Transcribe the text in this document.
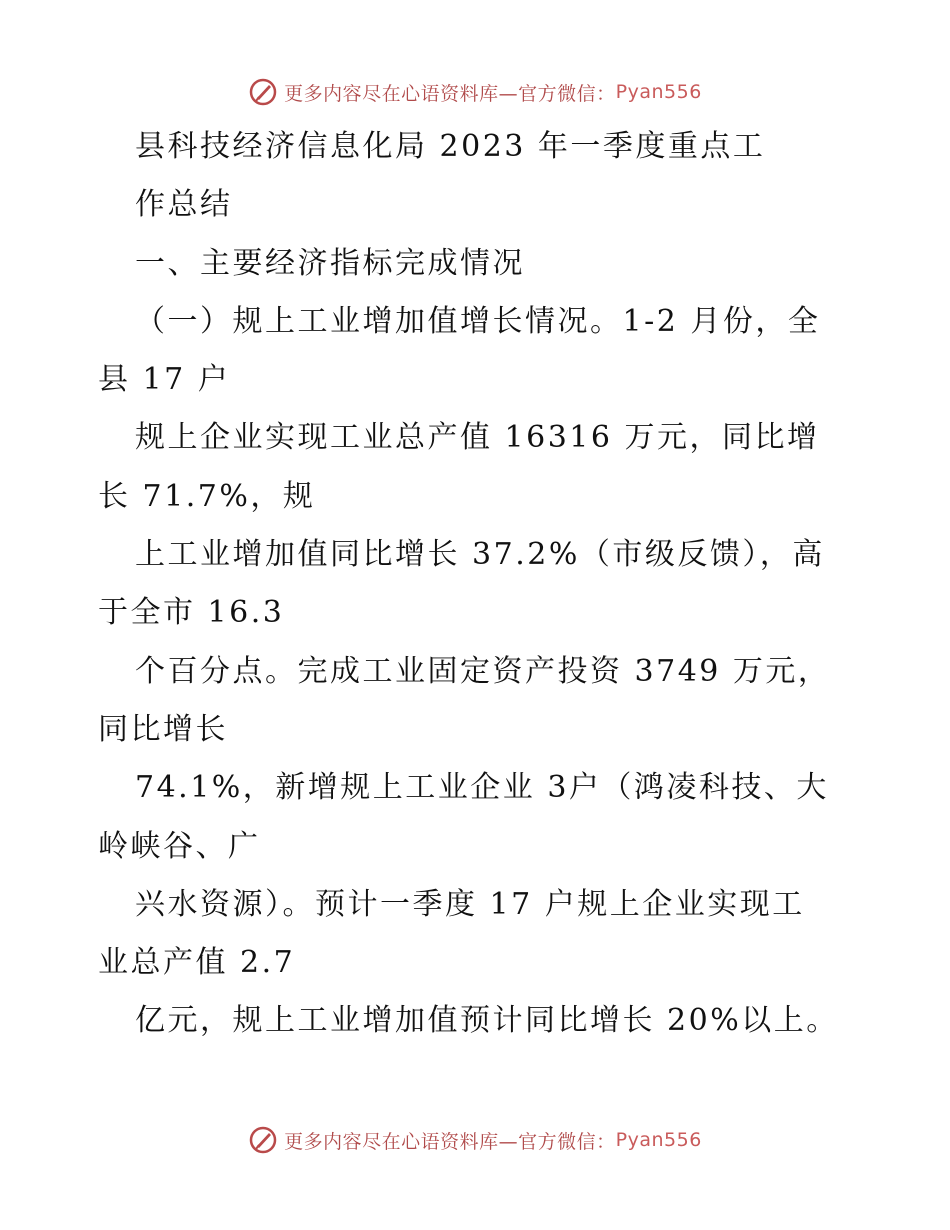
更多内容尽在心语资料库—官方微信： Pyan556
县科技经济信息化局 2023 年一季度重点工
作总结
一、主要经济指标完成情况
（一）规上工业增加值增长情况。1-2 月份，全
县 17 户
规上企业实现工业总产值 16316 万元，同比增
长 71.7%，规
上工业增加值同比增长 37.2%（市级反馈），高
于全市 16.3
个百分点。完成工业固定资产投资 3749 万元，
同比增长
74.1%，新增规上工业企业 3户（鸿凌科技、大
岭峡谷、广
兴水资源）。预计一季度 17 户规上企业实现工
业总产值 2.7
亿元，规上工业增加值预计同比增长 20%以上。
更多内容尽在心语资料库—官方微信： Pyan556
